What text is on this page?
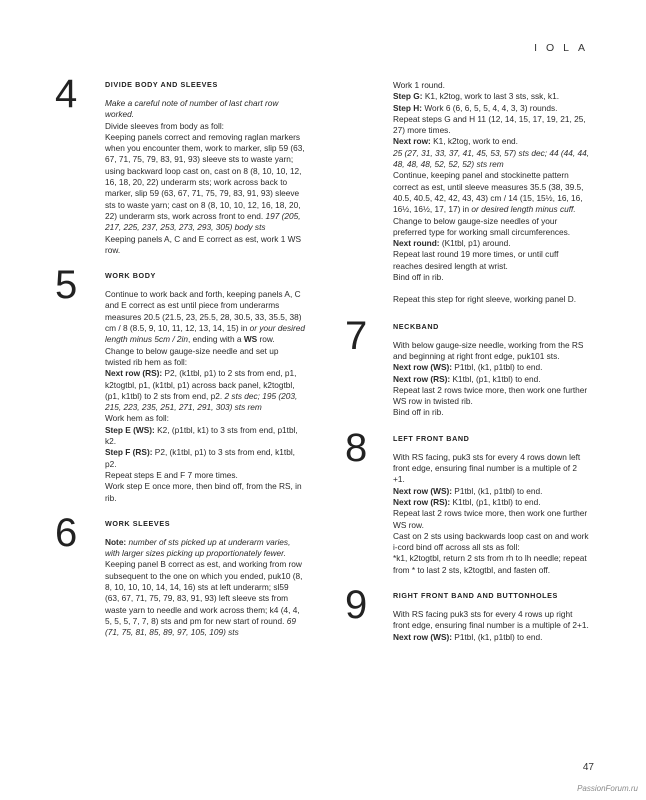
IOLA
4	DIVIDE BODY AND SLEEVES

Make a careful note of number of last chart row worked.

Divide sleeves from body as foll:

Keeping panels correct and removing raglan markers when you encounter them, work to marker, slip 59 (63, 67, 71, 75, 79, 83, 91, 93) sleeve sts to waste yarn; using backward loop cast on, cast on 8 (8, 10, 10, 12, 16, 18, 20, 22) underarm sts; work across back to marker, slip 59 (63, 67, 71, 75, 79, 83, 91, 93) sleeve sts to waste yarn; cast on 8 (8, 10, 10, 12, 16, 18, 20, 22) underarm sts, work across front to end. 197 (205, 217, 225, 237, 253, 273, 293, 305) body sts

Keeping panels A, C and E correct as est, work 1 WS row.

5	WORK BODY

Continue to work back and forth, keeping panels A, C and E correct as est until piece from underarms measures 20.5 (21.5, 23, 25.5, 28, 30.5, 33, 35.5, 38) cm / 8 (8.5, 9, 10, 11, 12, 13, 14, 15) in or your desired length minus 5cm / 2in, ending with a WS row.

Change to below gauge-size needle and set up twisted rib hem as foll:

Next row (RS): P2, (k1tbl, p1) to 2 sts from end, p1, k2togtbl, p1, (k1tbl, p1) across back panel, k2togtbl, (p1, k1tbl) to 2 sts from end, p2. 2 sts dec; 195 (203, 215, 223, 235, 251, 271, 291, 303) sts rem

Work hem as foll:

Step E (WS): K2, (p1tbl, k1) to 3 sts from end, p1tbl, k2.

Step F (RS): P2, (k1tbl, p1) to 3 sts from end, k1tbl, p2.

Repeat steps E and F 7 more times.

Work step E once more, then bind off, from the RS, in rib.

6	WORK SLEEVES

Note: number of sts picked up at underarm varies, with larger sizes picking up proportionately fewer.

Keeping panel B correct as est, and working from row subsequent to the one on which you ended, puk10 (8, 8, 10, 10, 10, 14, 14, 16) sts at left underarm; sl59 (63, 67, 71, 75, 79, 83, 91, 93) left sleeve sts from waste yarn to needle and work across them; k4 (4, 4, 5, 5, 5, 7, 7, 8) sts and pm for new start of round. 69 (71, 75, 81, 85, 89, 97, 105, 109) sts

Work 1 round.

Step G: K1, k2tog, work to last 3 sts, ssk, k1.

Step H: Work 6 (6, 6, 5, 5, 4, 4, 3, 3) rounds.

Repeat steps G and H 11 (12, 14, 15, 17, 19, 21, 25, 27) more times.

Next row: K1, k2tog, work to end.

25 (27, 31, 33, 37, 41, 45, 53, 57) sts dec; 44 (44, 44, 48, 48, 48, 52, 52, 52) sts rem

Continue, keeping panel and stockinette pattern correct as est, until sleeve measures 35.5 (38, 39.5, 40.5, 40.5, 42, 42, 43, 43) cm / 14 (15, 15½, 16, 16, 16½, 16½, 17, 17) in or desired length minus cuff.

Change to below gauge-size needles of your preferred type for working small circumferences.

Next round: (K1tbl, p1) around.

Repeat last round 19 more times, or until cuff reaches desired length at wrist.

Bind off in rib.

Repeat this step for right sleeve, working panel D.

7	NECKBAND

With below gauge-size needle, working from the RS and beginning at right front edge, puk101 sts.

Next row (WS): P1tbl, (k1, p1tbl) to end.

Next row (RS): K1tbl, (p1, k1tbl) to end.

Repeat last 2 rows twice more, then work one further WS row in twisted rib.

Bind off in rib.

8	LEFT FRONT BAND

With RS facing, puk3 sts for every 4 rows down left front edge, ensuring final number is a multiple of 2 +1.

Next row (WS): P1tbl, (k1, p1tbl) to end.

Next row (RS): K1tbl, (p1, k1tbl) to end.

Repeat last 2 rows twice more, then work one further WS row.

Cast on 2 sts using backwards loop cast on and work i-cord bind off across all sts as foll:

*k1, k2togtbl, return 2 sts from rh to lh needle; repeat from * to last 2 sts, k2togtbl, and fasten off.

9	RIGHT FRONT BAND AND BUTTONHOLES

With RS facing puk3 sts for every 4 rows up right front edge, ensuring final number is a multiple of 2+1.

Next row (WS): P1tbl, (k1, p1tbl) to end.

47
PassionForum.ru
